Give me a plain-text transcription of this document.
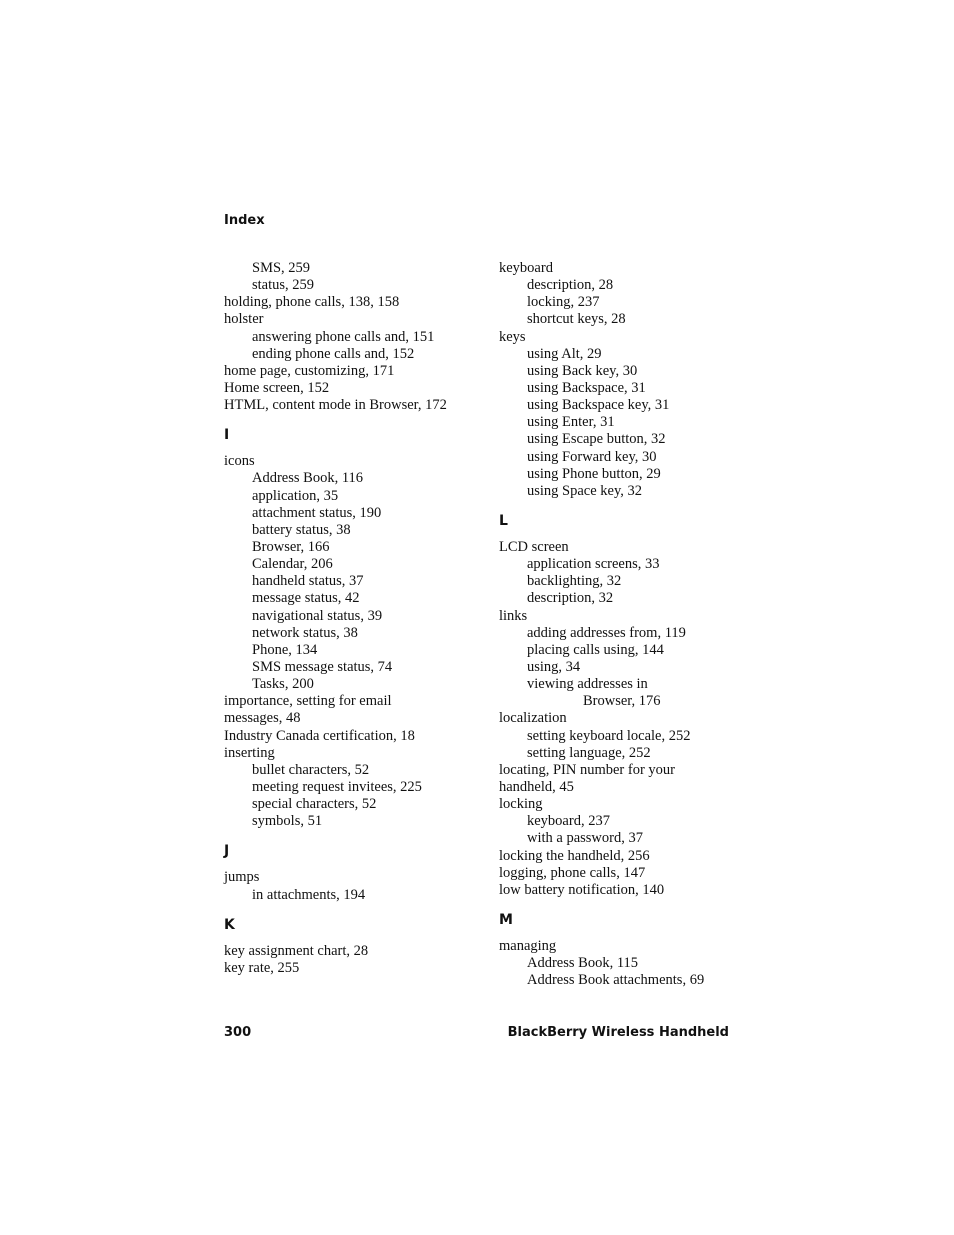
Index
SMS, 259
status, 259
holding, phone calls, 138, 158
holster
answering phone calls and, 151
ending phone calls and, 152
home page, customizing, 171
Home screen, 152
HTML, content mode in Browser, 172
I
icons
Address Book, 116
application, 35
attachment status, 190
battery status, 38
Browser, 166
Calendar, 206
handheld status, 37
message status, 42
navigational status, 39
network status, 38
Phone, 134
SMS message status, 74
Tasks, 200
importance, setting for email
messages, 48
Industry Canada certification, 18
inserting
bullet characters, 52
meeting request invitees, 225
special characters, 52
symbols, 51
J
jumps
in attachments, 194
K
key assignment chart, 28
key rate, 255
keyboard
description, 28
locking, 237
shortcut keys, 28
keys
using Alt, 29
using Back key, 30
using Backspace, 31
using Backspace key, 31
using Enter, 31
using Escape button, 32
using Forward key, 30
using Phone button, 29
using Space key, 32
L
LCD screen
application screens, 33
backlighting, 32
description, 32
links
adding addresses from, 119
placing calls using, 144
using, 34
viewing addresses in
Browser, 176
localization
setting keyboard locale, 252
setting language, 252
locating, PIN number for your
handheld, 45
locking
keyboard, 237
with a password, 37
locking the handheld, 256
logging, phone calls, 147
low battery notification, 140
M
managing
Address Book, 115
Address Book attachments, 69
300	BlackBerry Wireless Handheld
